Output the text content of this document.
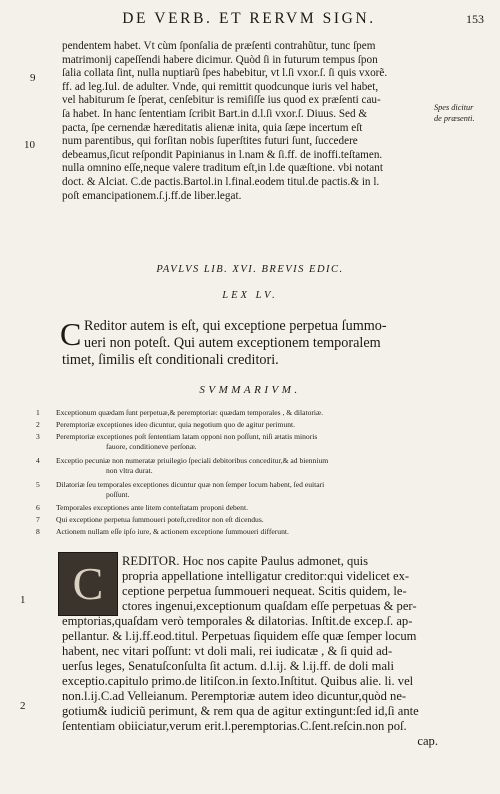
DE VERB. ET RERVM SIGN.	153
9
10
Spes dicitur
de præsenti.
pendentem habet. Vt cùm ſponſalia de præſenti contrahũtur, tunc ſpem
matrimonij capeſſendi habere dicimur. Quòd ſi in futurum tempus ſpon
ſalia collata ſint, nulla nuptiarũ ſpes habebitur, vt l.ſi vxor.ſ. ſi quis vxorẽ.
ff. ad leg.Iul. de adulter. Vnde, qui remittit quodcunque iuris vel habet,
vel habiturum ſe ſperat, cenſebitur is remiſiſſe ius quod ex præſenti cau-
ſa habet. In hanc ſententiam ſcribit Bart.in d.l.ſi vxor.ſ. Diuus. Sed &
pacta, ſpe cernendæ hæreditatis alienæ inita, quia ſæpe incertum eſt
num parentibus, qui forſitan nobis ſuperſtites futuri ſunt, ſuccedere
debeamus,ſicut reſpondit Papinianus in l.nam & ſi.ff. de inoffi.teſtamen.
nulla omnino eſſe,neque valere traditum eſt,in l.de quæſtione. vbi notant
doct. & Alciat. C.de pactis.Bartol.in l.final.eodem titul.de pactis.& in l.
poſt emancipationem.ſ.j.ff.de liber.legat.
PAVLVS LIB. XVI. BREVIS EDIC.
LEX LV.
C Reditor autem is eſt, qui exceptione perpetua ſummo-
ueri non poteſt. Qui autem exceptionem temporalem
timet, ſimilis eſt conditionali creditori.
SVMMARIVM.
1	Exceptionum quædam ſunt perpetuæ,& peremptoriæ: quædam temporales , & dilatoriæ.
2	Peremptoriæ exceptiones ideo dicuntur, quia negotium quo de agitur perimunt.
3	Peremptoriæ exceptiones poſt ſententiam latam opponi non poſſunt, niſi ætatis minoris
fauore, conditioneve perſonæ.
4	Exceptio pecuniæ non numeratæ priuilegio ſpeciali debitoribus conceditur,& ad biennium
non vltra durat.
5	Dilatoriæ ſeu temporales exceptiones dicuntur quæ non ſemper locum habent, ſed euitari
poſſunt.
6	Temporales exceptiones ante litem conteſtatam proponi debent.
7	Qui exceptione perpetua ſummoueri poteſt,creditor non eſt dicendus.
8	Actionem nullam eſſe ipſo iure, & actionem exceptione ſummoueri differunt.
C
1
2
REDITOR. Hoc nos capite Paulus admonet, quis
propria appellatione intelligatur creditor:qui videlicet ex-
ceptione perpetua ſummoueri nequeat. Scitis quidem, le-
ctores ingenui,exceptionum quaſdam eſſe perpetuas & per-
emptorias,quaſdam verò temporales & dilatorias. Inſtit.de excep.ſ. ap-
pellantur. & l.ij.ff.eod.titul. Perpetuas ſiquidem eſſe quæ ſemper locum
habent, nec vitari poſſunt: vt doli mali, rei iudicatæ , & ſi quid ad-
uerſus leges, Senatuſconſulta ſit actum. d.l.ij. & l.ij.ff. de doli mali
exceptio.capitulo primo.de litiſcon.in ſexto.Inſtitut. Quibus alie. li. vel
non.l.ij.C.ad Velleianum. Peremptoriæ autem ideo dicuntur,quòd ne-
gotium& iudiciũ perimunt, & rem qua de agitur extingunt:ſed id,ſi ante
ſententiam obiiciatur,verum erit.l.peremptorias.C.ſent.reſcin.non poſ.
cap.
